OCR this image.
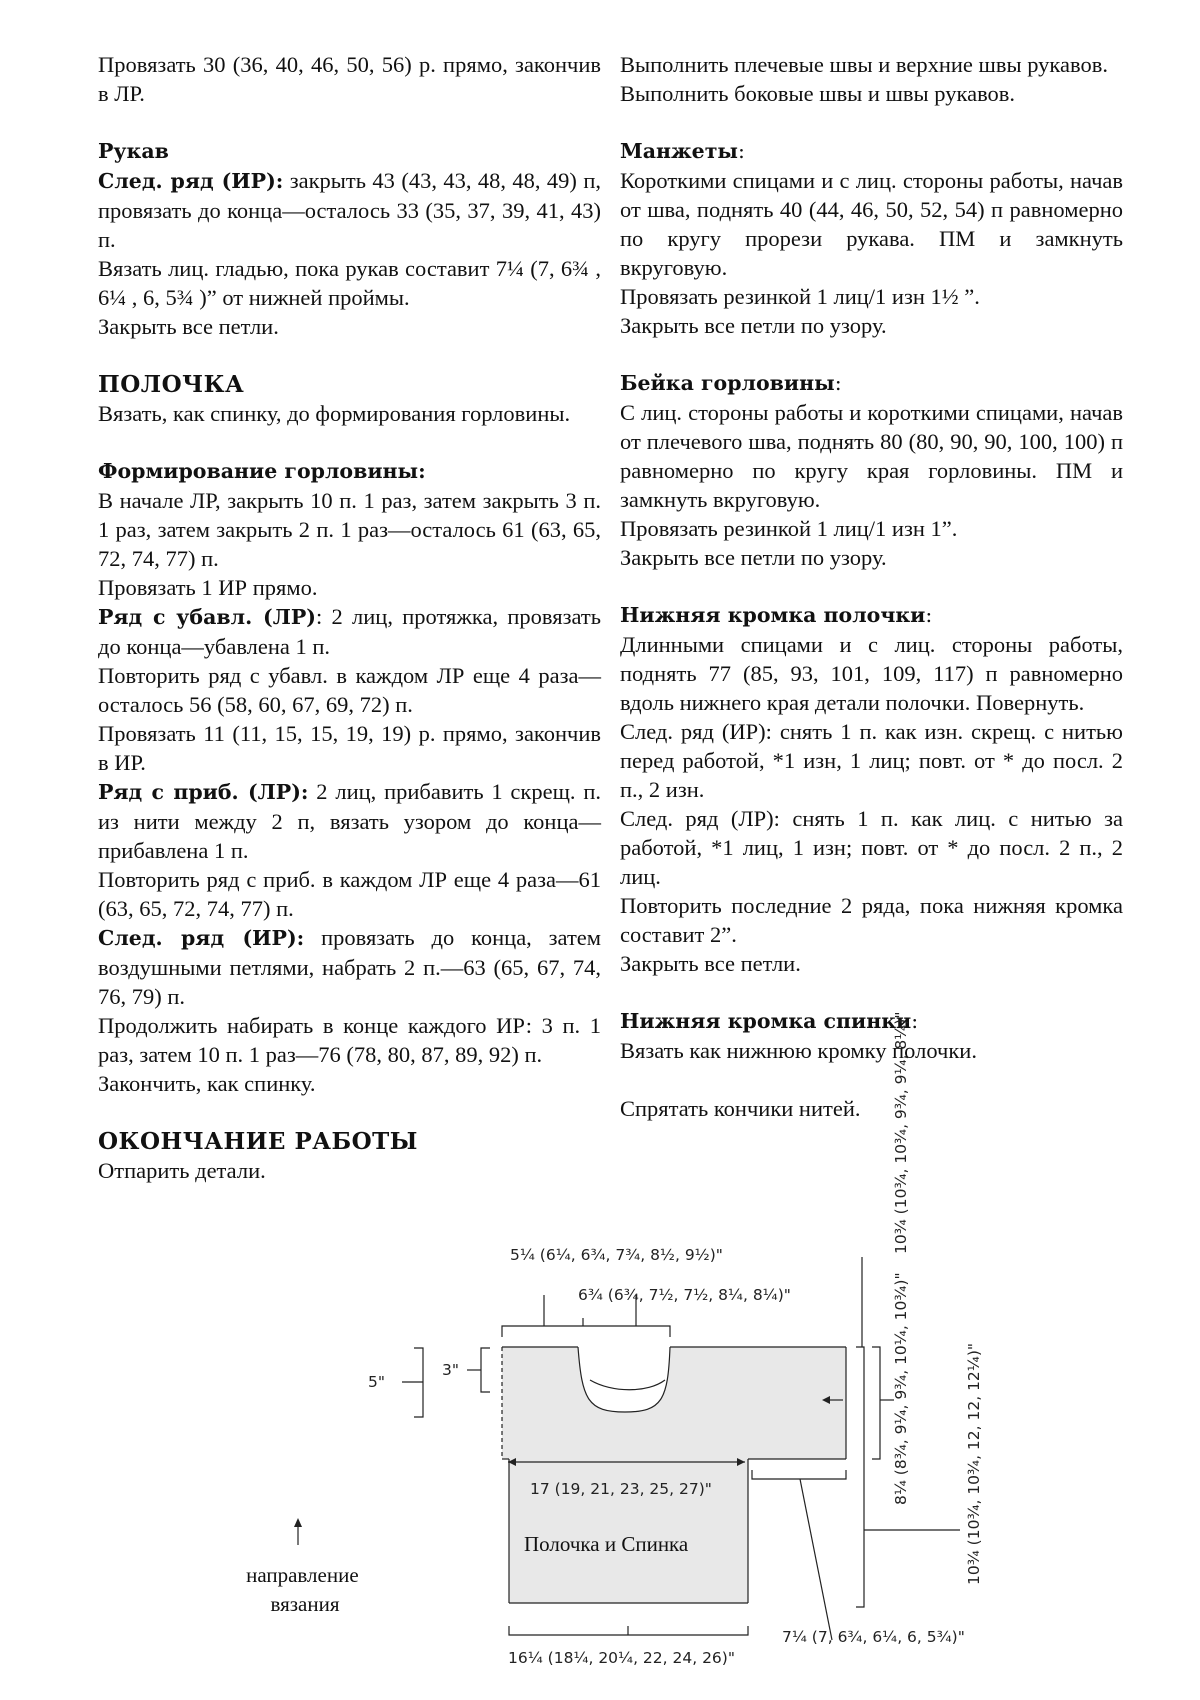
Провязать 30 (36, 40, 46, 50, 56) р. прямо, закончив в ЛР.

Рукав

След. ряд (ИР): закрыть 43 (43, 43, 48, 48, 49) п, провязать до конца—осталось 33 (35, 37, 39, 41, 43) п.

Вязать лиц. гладью, пока рукав составит 7¼ (7, 6¾ , 6¼ , 6, 5¾ )” от нижней проймы.

Закрыть все петли.

ПОЛОЧКА

Вязать, как спинку, до формирования горловины.

Формирование горловины:

В начале ЛР, закрыть 10 п. 1 раз, затем закрыть 3 п. 1 раз, затем закрыть 2 п. 1 раз—осталось 61 (63, 65, 72, 74, 77) п.

Провязать 1 ИР прямо.

Ряд с убавл. (ЛР): 2 лиц, протяжка, провязать до конца—убавлена 1 п.

Повторить ряд с убавл. в каждом ЛР еще 4 раза—осталось 56 (58, 60, 67, 69, 72) п.

Провязать 11 (11, 15, 15, 19, 19) р. прямо, закончив в ИР.

Ряд с приб. (ЛР): 2 лиц, прибавить 1 скрещ. п. из нити между 2 п, вязать узором до конца—прибавлена 1 п.

Повторить ряд с приб. в каждом ЛР еще 4 раза—61 (63, 65, 72, 74, 77) п.

След. ряд (ИР): провязать до конца, затем воздушными петлями, набрать 2 п.—63 (65, 67, 74, 76, 79) п.

Продолжить набирать в конце каждого ИР: 3 п. 1 раз, затем 10 п. 1 раз—76 (78, 80, 87, 89, 92) п.

Закончить, как спинку.

ОКОНЧАНИЕ РАБОТЫ

Отпарить детали.

Выполнить плечевые швы и верхние швы рукавов.

Выполнить боковые швы и швы рукавов.

Манжеты:

Короткими спицами и с лиц. стороны работы, начав от шва, поднять 40 (44, 46, 50, 52, 54) п равномерно по кругу прорези рукава. ПМ и замкнуть вкруговую.

Провязать резинкой 1 лиц/1 изн 1½ ”.

Закрыть все петли по узору.

Бейка горловины:

С лиц. стороны работы и короткими спицами, начав от плечевого шва, поднять 80 (80, 90, 90, 100, 100) п равномерно по кругу края горловины. ПМ и замкнуть вкруговую.

Провязать резинкой 1 лиц/1 изн 1”.

Закрыть все петли по узору.

Нижняя кромка полочки:

Длинными спицами и с лиц. стороны работы, поднять 77 (85, 93, 101, 109, 117) п равномерно вдоль нижнего края детали полочки. Повернуть.

След. ряд (ИР): снять 1 п. как изн. скрещ. с нитью перед работой, *1 изн, 1 лиц; повт. от * до посл. 2 п., 2 изн.

След. ряд (ЛР): снять 1 п. как лиц. с нитью за работой, *1 лиц, 1 изн; повт. от * до посл. 2 п., 2 лиц.

Повторить последние 2 ряда, пока нижняя кромка составит 2”.

Закрыть все петли.

Нижняя кромка спинки:

Вязать как нижнюю кромку полочки.

Спрятать кончики нитей.

5¼ (6¼, 6¾, 7¾, 8½, 9½)"
6¾ (6¾, 7½, 7½, 8¼, 8¼)"
5"
3"
17 (19, 21, 23, 25, 27)"
Полочка и Спинка
направление вязания
16¼ (18¼, 20¼, 22, 24, 26)"
7¼ (7, 6¾, 6¼, 6, 5¾)"
10¾ (10¾, 10¾, 9¾, 9¼, 8¼)"
8¼ (8¾, 9¼, 9¾, 10¼, 10¾)"	10¾ (10¾, 10¾, 12, 12, 12¼)"
